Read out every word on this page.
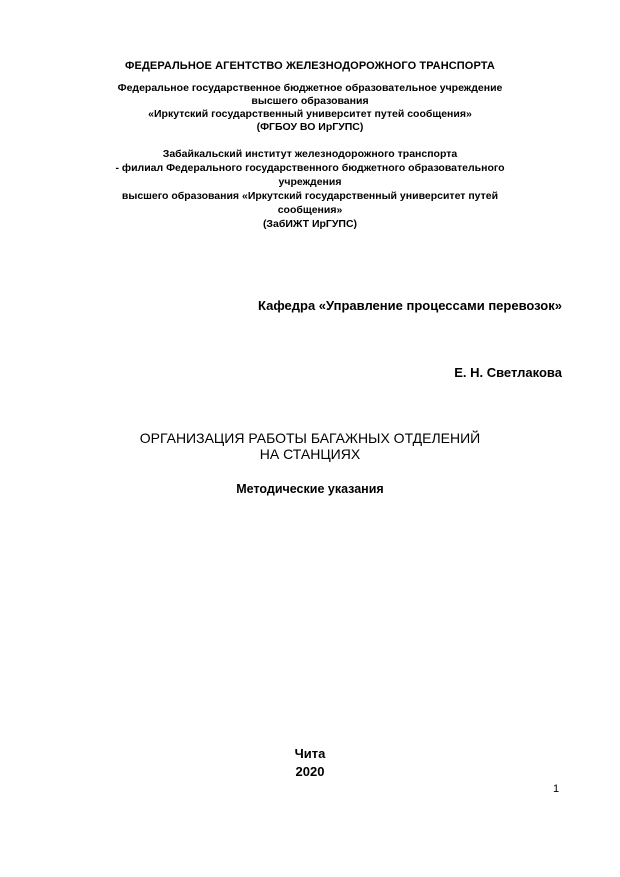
ФЕДЕРАЛЬНОЕ АГЕНТСТВО ЖЕЛЕЗНОДОРОЖНОГО ТРАНСПОРТА
Федеральное государственное бюджетное образовательное учреждение
высшего образования
«Иркутский государственный университет путей сообщения»
(ФГБОУ ВО ИрГУПС)
Забайкальский институт железнодорожного транспорта
- филиал Федерального государственного бюджетного образовательного
учреждения
высшего образования «Иркутский государственный университет путей
сообщения»
(ЗабИЖТ ИрГУПС)
Кафедра «Управление процессами перевозок»
Е. Н. Светлакова
ОРГАНИЗАЦИЯ РАБОТЫ БАГАЖНЫХ ОТДЕЛЕНИЙ
НА СТАНЦИЯХ
Методические указания
Чита
2020
1
